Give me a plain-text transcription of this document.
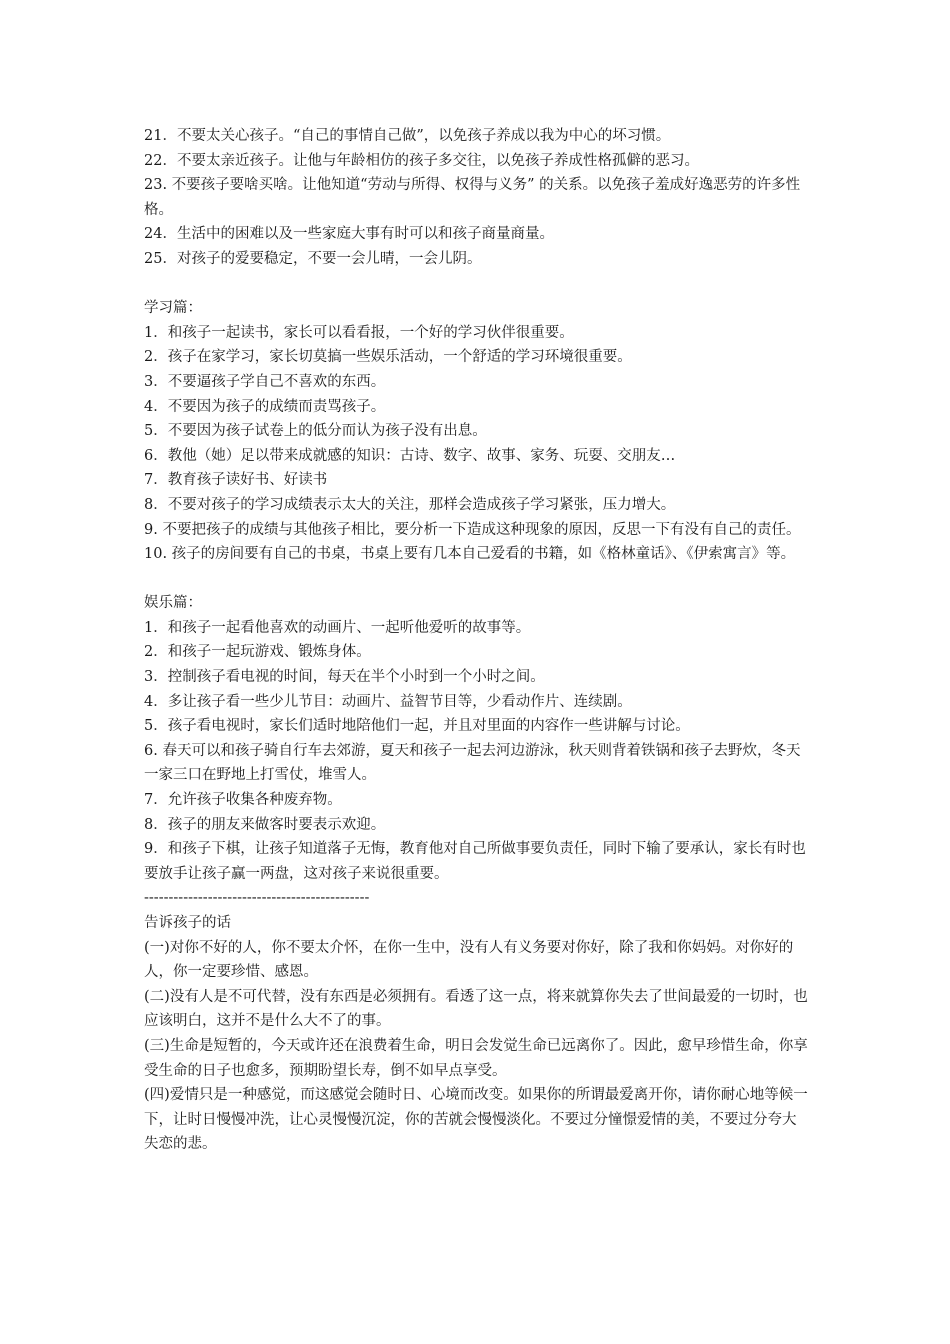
21．不要太关心孩子。“自己的事情自己做”，以免孩子养成以我为中心的坏习惯。

22．不要太亲近孩子。让他与年龄相仿的孩子多交往，以免孩子养成性格孤僻的恶习。

23. 不要孩子要啥买啥。让他知道“劳动与所得、权得与义务” 的关系。以免孩子羞成好逸恶劳的许多性格。

24．生活中的困难以及一些家庭大事有时可以和孩子商量商量。

25．对孩子的爱要稳定，不要一会儿晴，一会儿阴。

学习篇：

1．和孩子一起读书，家长可以看看报，一个好的学习伙伴很重要。

2．孩子在家学习，家长切莫搞一些娱乐活动，一个舒适的学习环境很重要。

3．不要逼孩子学自己不喜欢的东西。

4．不要因为孩子的成绩而责骂孩子。

5．不要因为孩子试卷上的低分而认为孩子没有出息。

6．教他（她）足以带来成就感的知识：古诗、数字、故事、家务、玩耍、交朋友…

7．教育孩子读好书、好读书

8．不要对孩子的学习成绩表示太大的关注，那样会造成孩子学习紧张，压力增大。

9. 不要把孩子的成绩与其他孩子相比，要分析一下造成这种现象的原因，反思一下有没有自己的责任。

10. 孩子的房间要有自己的书桌，书桌上要有几本自己爱看的书籍，如《格林童话》、《伊索寓言》等。

娱乐篇：

1．和孩子一起看他喜欢的动画片、一起听他爱听的故事等。

2．和孩子一起玩游戏、锻炼身体。

3．控制孩子看电视的时间，每天在半个小时到一个小时之间。

4．多让孩子看一些少儿节目：动画片、益智节目等，少看动作片、连续剧。

5．孩子看电视时，家长们适时地陪他们一起，并且对里面的内容作一些讲解与讨论。

6. 春天可以和孩子骑自行车去郊游，夏天和孩子一起去河边游泳，秋天则背着铁锅和孩子去野炊，冬天一家三口在野地上打雪仗，堆雪人。

7．允许孩子收集各种废弃物。

8．孩子的朋友来做客时要表示欢迎。

9．和孩子下棋，让孩子知道落子无悔，教育他对自己所做事要负责任，同时下输了要承认，家长有时也要放手让孩子赢一两盘，这对孩子来说很重要。

----------------------------------------------

告诉孩子的话

(一)对你不好的人，你不要太介怀，在你一生中，没有人有义务要对你好，除了我和你妈妈。对你好的人，你一定要珍惜、感恩。

(二)没有人是不可代替，没有东西是必须拥有。看透了这一点，将来就算你失去了世间最爱的一切时，也应该明白，这并不是什么大不了的事。

(三)生命是短暂的，今天或许还在浪费着生命，明日会发觉生命已远离你了。因此，愈早珍惜生命，你享受生命的日子也愈多，预期盼望长寿，倒不如早点享受。

(四)爱情只是一种感觉，而这感觉会随时日、心境而改变。如果你的所谓最爱离开你，请你耐心地等候一下，让时日慢慢冲洗，让心灵慢慢沉淀，你的苦就会慢慢淡化。不要过分憧憬爱情的美，不要过分夸大失恋的悲。
